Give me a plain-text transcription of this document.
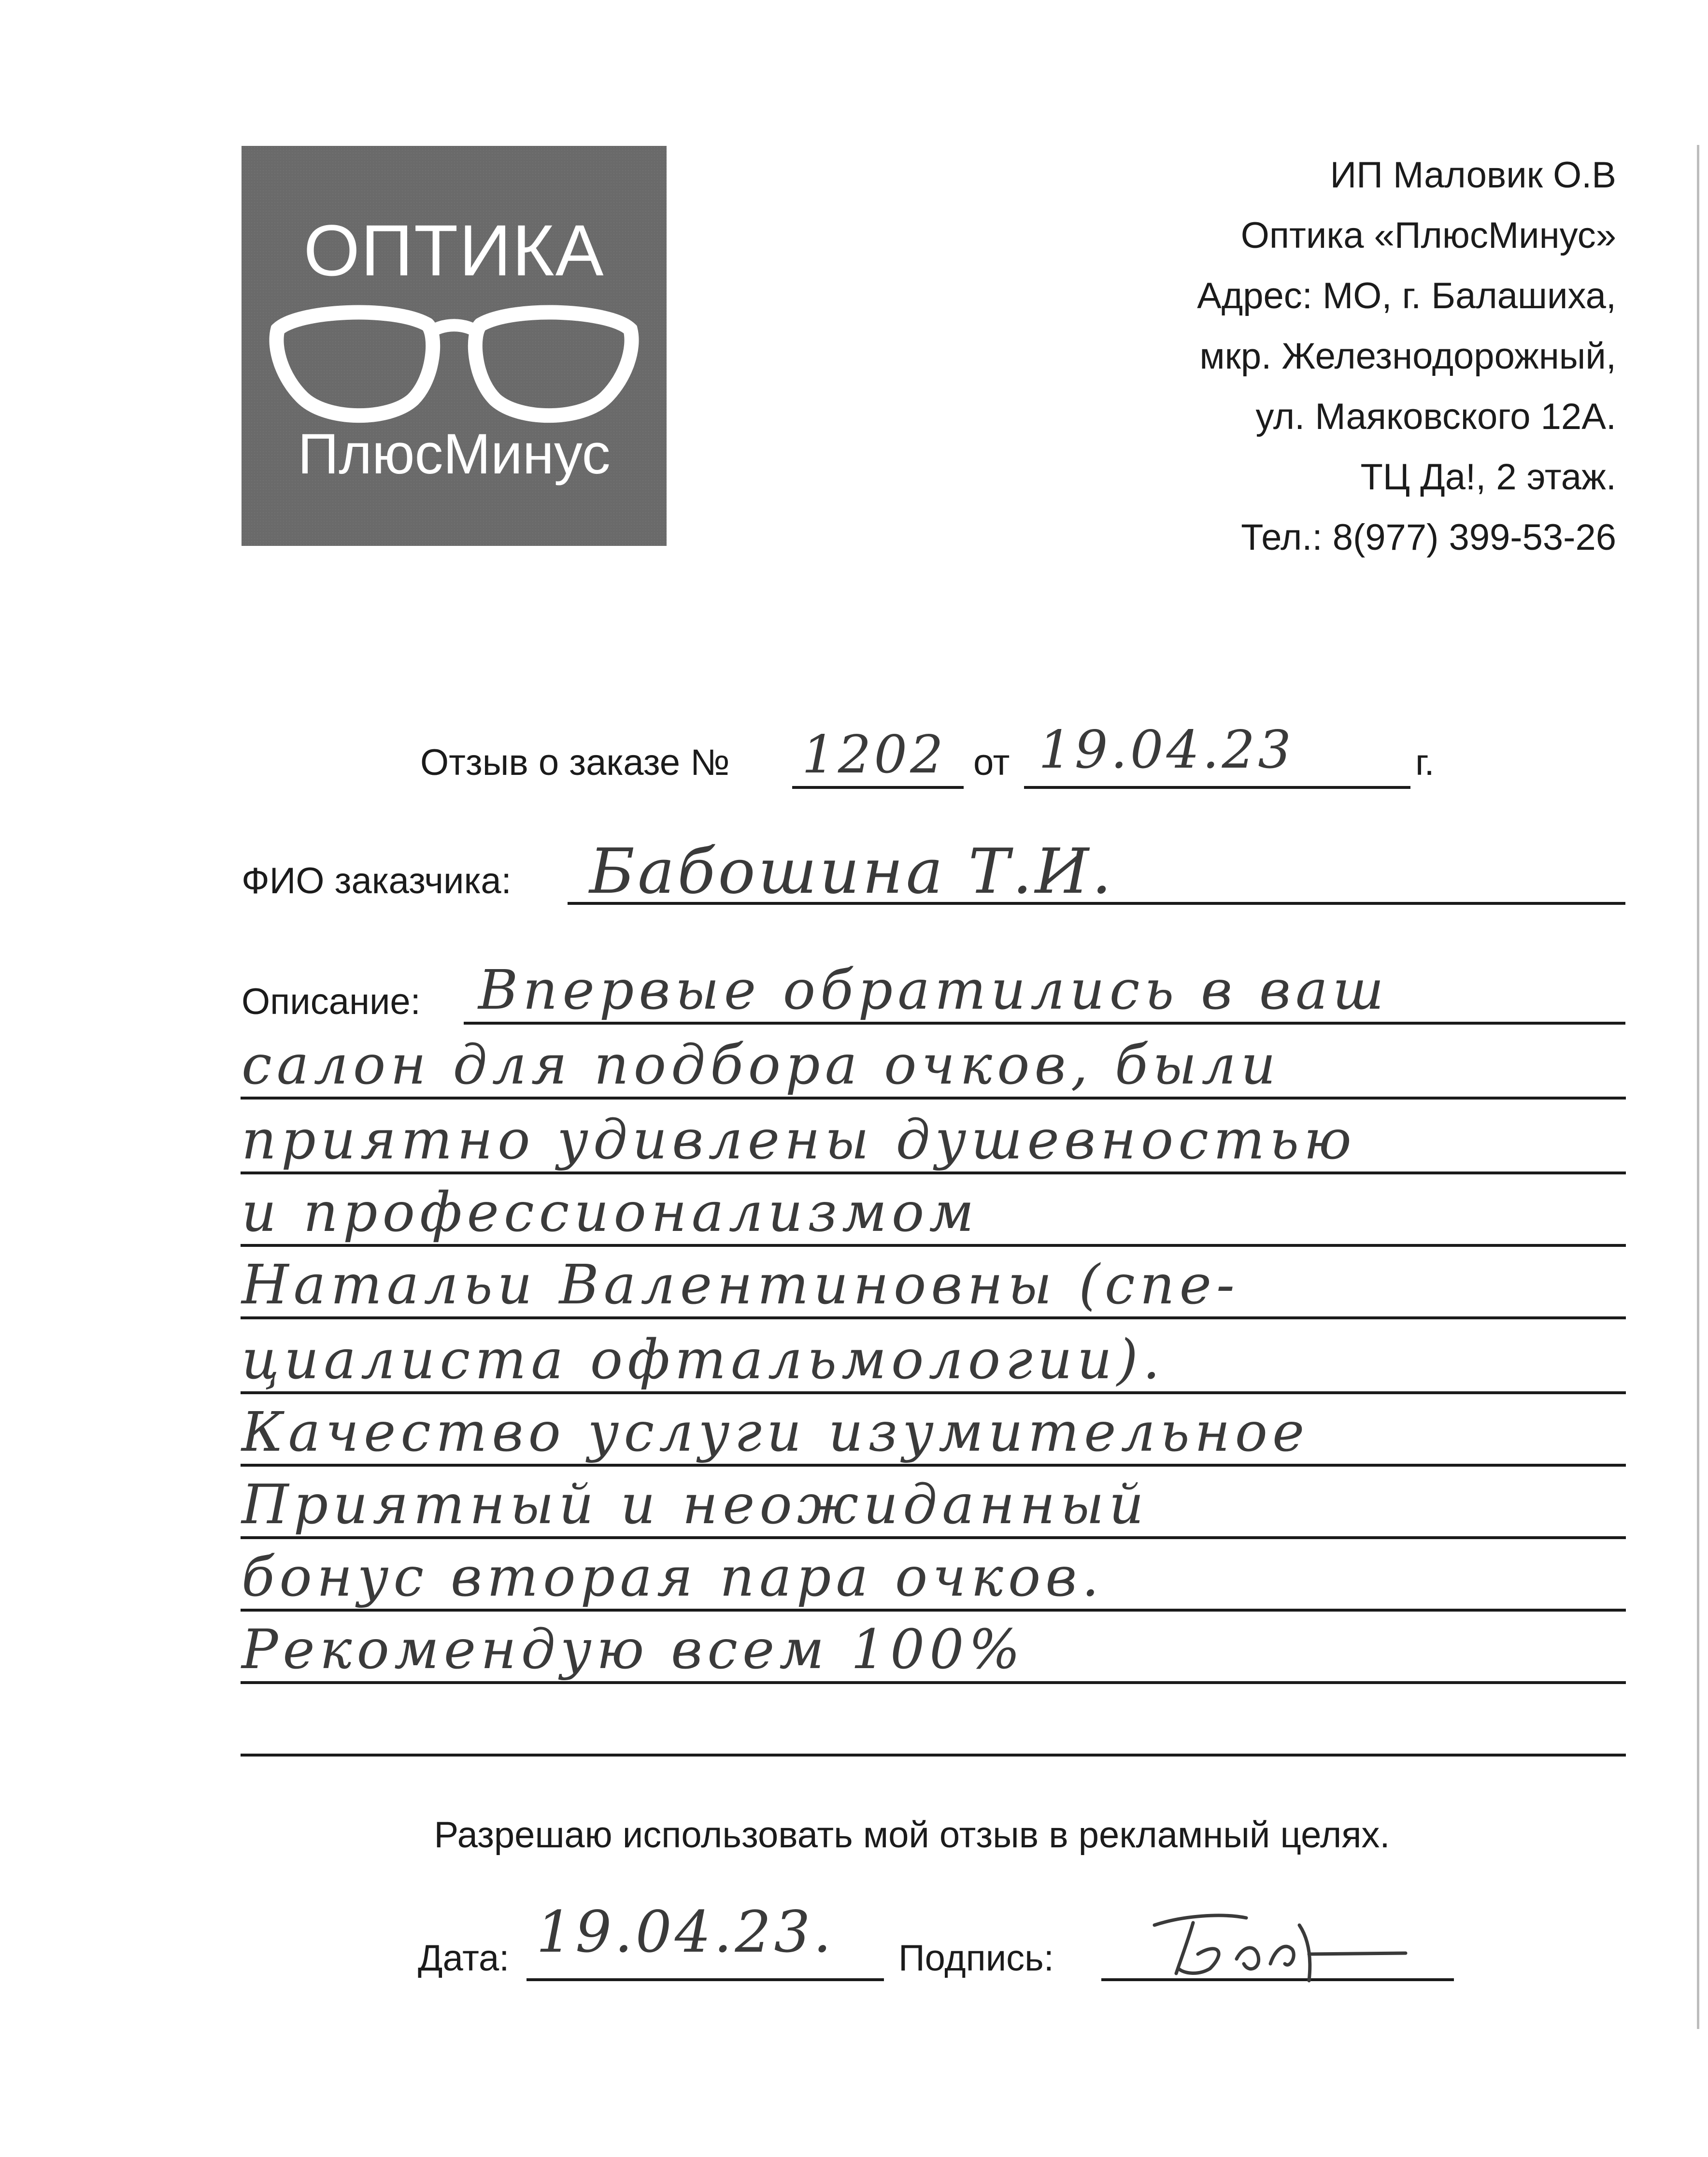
ОПТИКА
ПлюсМинус
ИП Маловик О.В
Оптика «ПлюсМинус»
Адрес: МО, г. Балашиха,
мкр. Железнодорожный,
ул. Маяковского 12А.
ТЦ Да!, 2 этаж.
Тел.: 8(977) 399-53-26
Отзыв о заказе № 1202 от 19.04.23	г.
ФИО заказчика: Бабошина Т.И.
Описание: Впервые обратились в ваш
салон для подбора очков, были
приятно удивлены душевностью
и профессионализмом
Натальи Валентиновны (спе-
циалиста офтальмологии).
Качество услуги изумительное
Приятный и неожиданный
бонус вторая пара очков.
Рекомендую всем 100%
Разрешаю использовать мой отзыв в рекламный целях.
Дата: 19.04.23. Подпись:
